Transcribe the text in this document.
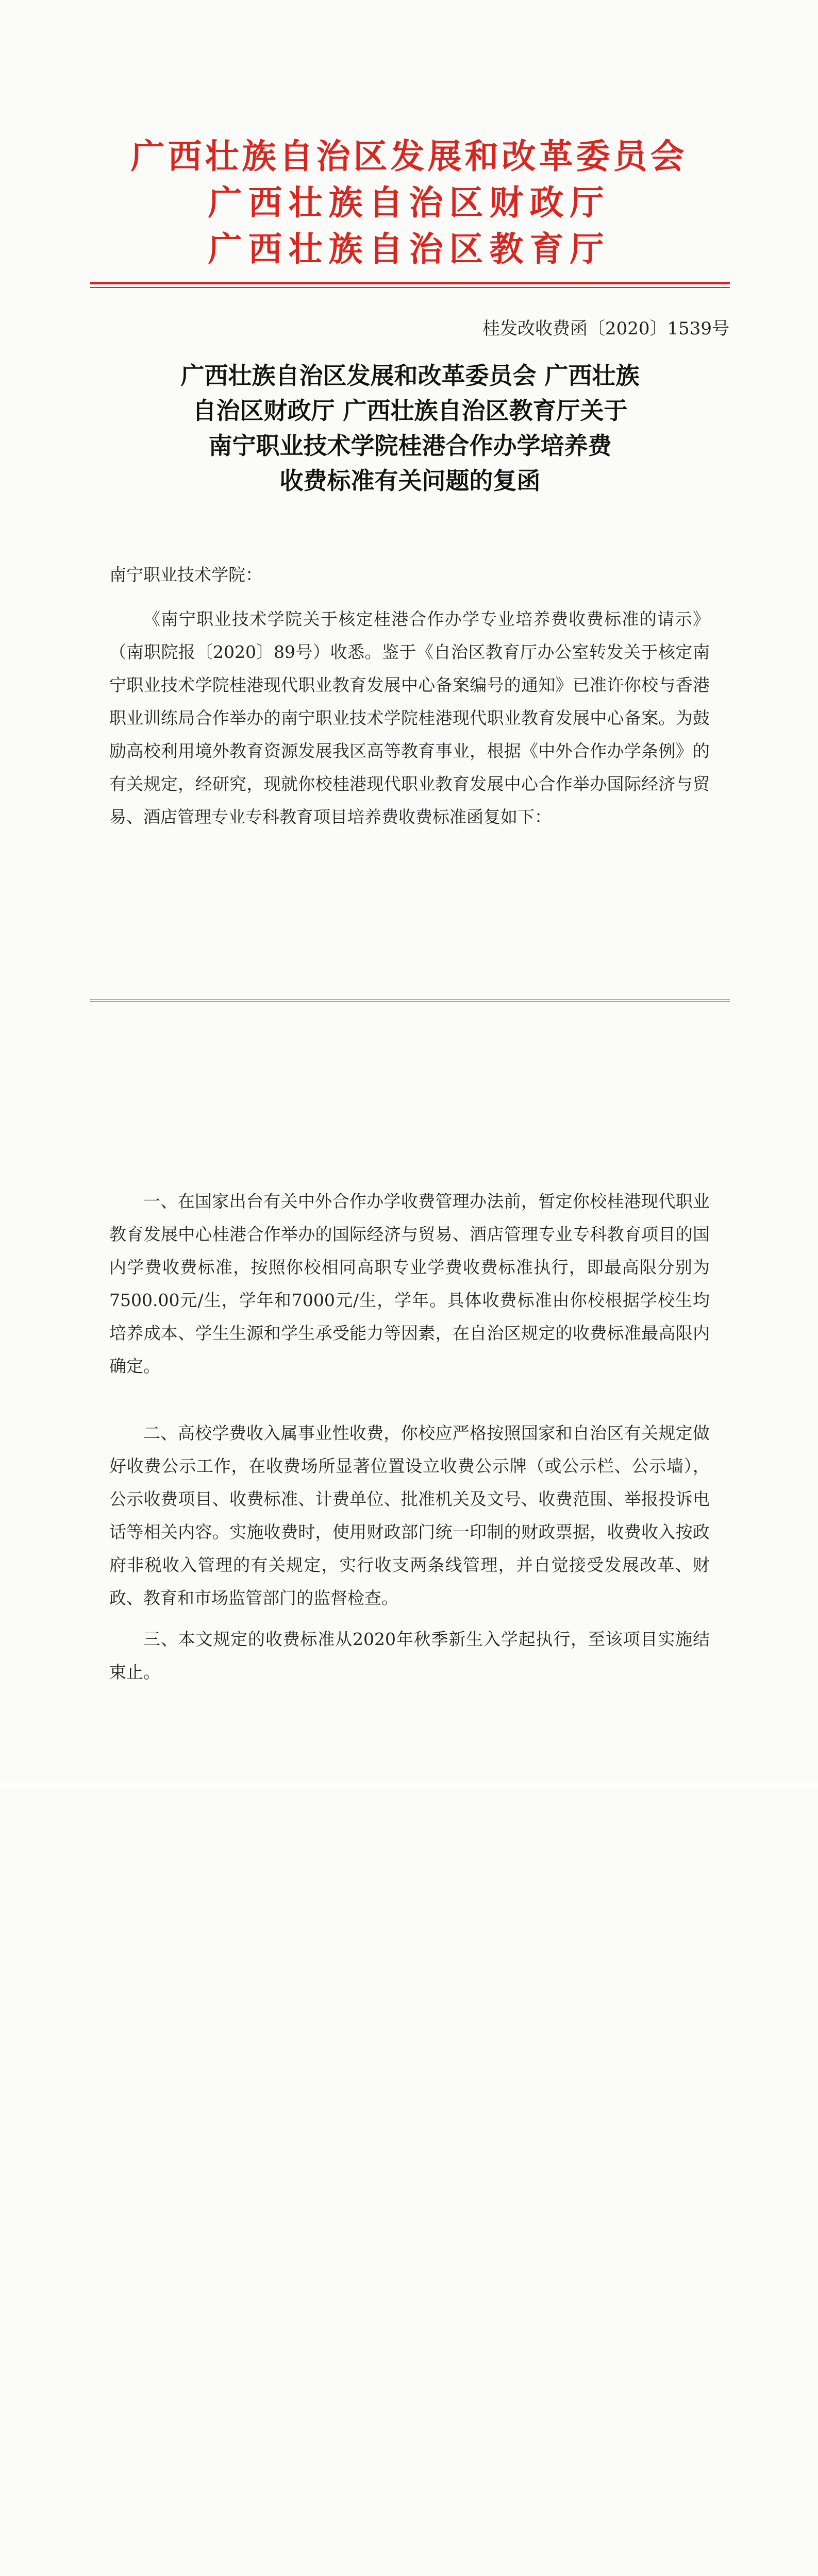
广西壮族自治区发展和改革委员会
广西壮族自治区财政厅
广西壮族自治区教育厅
桂发改收费函〔2020〕1539号
广西壮族自治区发展和改革委员会 广西壮族
自治区财政厅 广西壮族自治区教育厅关于
南宁职业技术学院桂港合作办学培养费
收费标准有关问题的复函
南宁职业技术学院：
《南宁职业技术学院关于核定桂港合作办学专业培养费收费标准的请示》（南职院报〔2020〕89号）收悉。鉴于《自治区教育厅办公室转发关于核定南宁职业技术学院桂港现代职业教育发展中心备案编号的通知》已准许你校与香港职业训练局合作举办的南宁职业技术学院桂港现代职业教育发展中心备案。为鼓励高校利用境外教育资源发展我区高等教育事业，根据《中外合作办学条例》的有关规定，经研究，现就你校桂港现代职业教育发展中心合作举办国际经济与贸易、酒店管理专业专科教育项目培养费收费标准函复如下：
一、在国家出台有关中外合作办学收费管理办法前，暂定你校桂港现代职业教育发展中心桂港合作举办的国际经济与贸易、酒店管理专业专科教育项目的国内学费收费标准，按照你校相同高职专业学费收费标准执行，即最高限分别为7500.00元/生，学年和7000元/生，学年。具体收费标准由你校根据学校生均培养成本、学生生源和学生承受能力等因素，在自治区规定的收费标准最高限内确定。
二、高校学费收入属事业性收费，你校应严格按照国家和自治区有关规定做好收费公示工作，在收费场所显著位置设立收费公示牌（或公示栏、公示墙），公示收费项目、收费标准、计费单位、批准机关及文号、收费范围、举报投诉电话等相关内容。实施收费时，使用财政部门统一印制的财政票据，收费收入按政府非税收入管理的有关规定，实行收支两条线管理，并自觉接受发展改革、财政、教育和市场监管部门的监督检查。
三、本文规定的收费标准从2020年秋季新生入学起执行，至该项目实施结束止。
